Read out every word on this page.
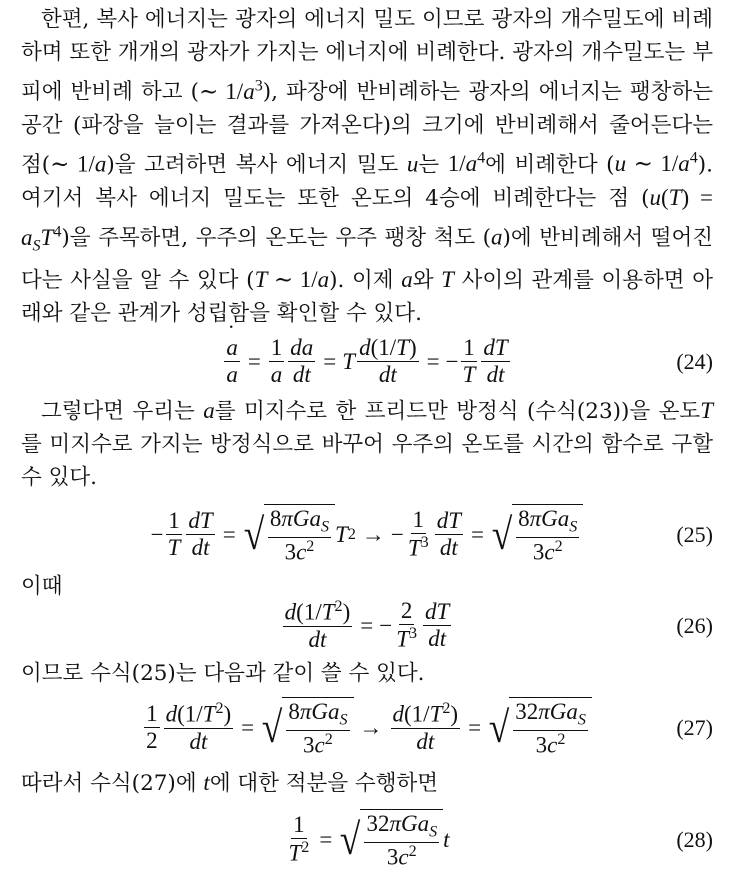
한편, 복사 에너지는 광자의 에너지 밀도 이므로 광자의 개수밀도에 비례하며 또한 개개의 광자가 가지는 에너지에 비례한다. 광자의 개수밀도는 부피에 반비례 하고 (∼ $1/a^3$), 파장에 반비례하는 광자의 에너지는 팽창하는 공간 (파장을 늘이는 결과를 가져온다)의 크기에 반비례해서 줄어든다는 점(∼ 1/a)을 고려하면 복사 에너지 밀도 u는 $1/a^4$에 비례한다 (u ∼ $1/a^4$). 여기서 복사 에너지 밀도는 또한 온도의 4승에 비례한다는 점 $(u(T) = a_ST^4)$을 주목하면, 우주의 온도는 우주 팽창 척도 (a)에 반비례해서 떨어진다는 사실을 알 수 있다 (T ∼ 1/a). 이제 a와 T 사이의 관계를 이용하면 아래와 같은 관계가 성립함을 확인할 수 있다.

˙ $\frac{a}{a} = \frac{1}{a} \frac{da}{dt} = T \frac{d(1/T)}{dt}$ = − $\frac{1}{T} \frac{dT}{dt}$	(24)

그렇다면 우리는 a를 미지수로 한 프리드만 방정식 (수식(23))을 온도T를 미지수로 가지는 방정식으로 바꾸어 우주의 온도를 시간의 함수로 구할 수 있다.

− $\frac{1}{T} \frac{dT}{dt}$ = √ $\frac{8\pi Ga_S}{3c^2}$ T 2 → − $\frac{1}{T^3} \frac{dT}{dt}$ = √ $\frac{8\pi Ga_S}{3c^2}$	(25)

이때

$\frac{d(1/T^2)}{dt}$ = − $\frac{2}{T^3} \frac{dT}{dt}$	(26)

이므로 수식(25)는 다음과 같이 쓸 수 있다.

$\frac{1}{2} \frac{d(1/T^2)}{dt}$ = √ $\frac{8\pi Ga_S}{3c^2} \to \frac{d(1/T^2)}{dt}$ = √ $\frac{32\pi Ga_S}{3c^2}$	(27)

따라서 수식(27)에 t에 대한 적분을 수행하면

$\frac{1}{T^2}$ = √ $\frac{32\pi Ga_S}{3c^2}$ t	(28)
